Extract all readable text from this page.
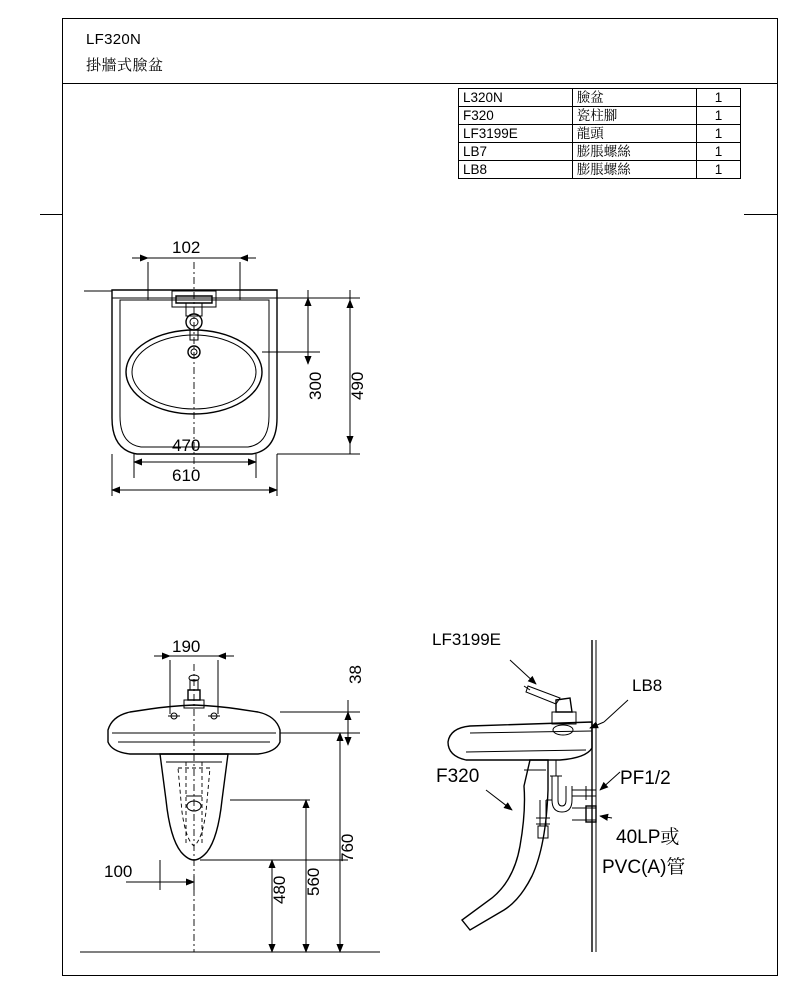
LF320N
掛牆式臉盆
L320N	臉盆	1
F320	瓷柱腳	1
LF3199E	龍頭	1
LB7	膨脹螺絲	1
LB8	膨脹螺絲	1
102
300 490
470
610
190
38
760
560
480
100
LF3199E
LB8
PF1/2
F320
40LP或
PVC(A)管
